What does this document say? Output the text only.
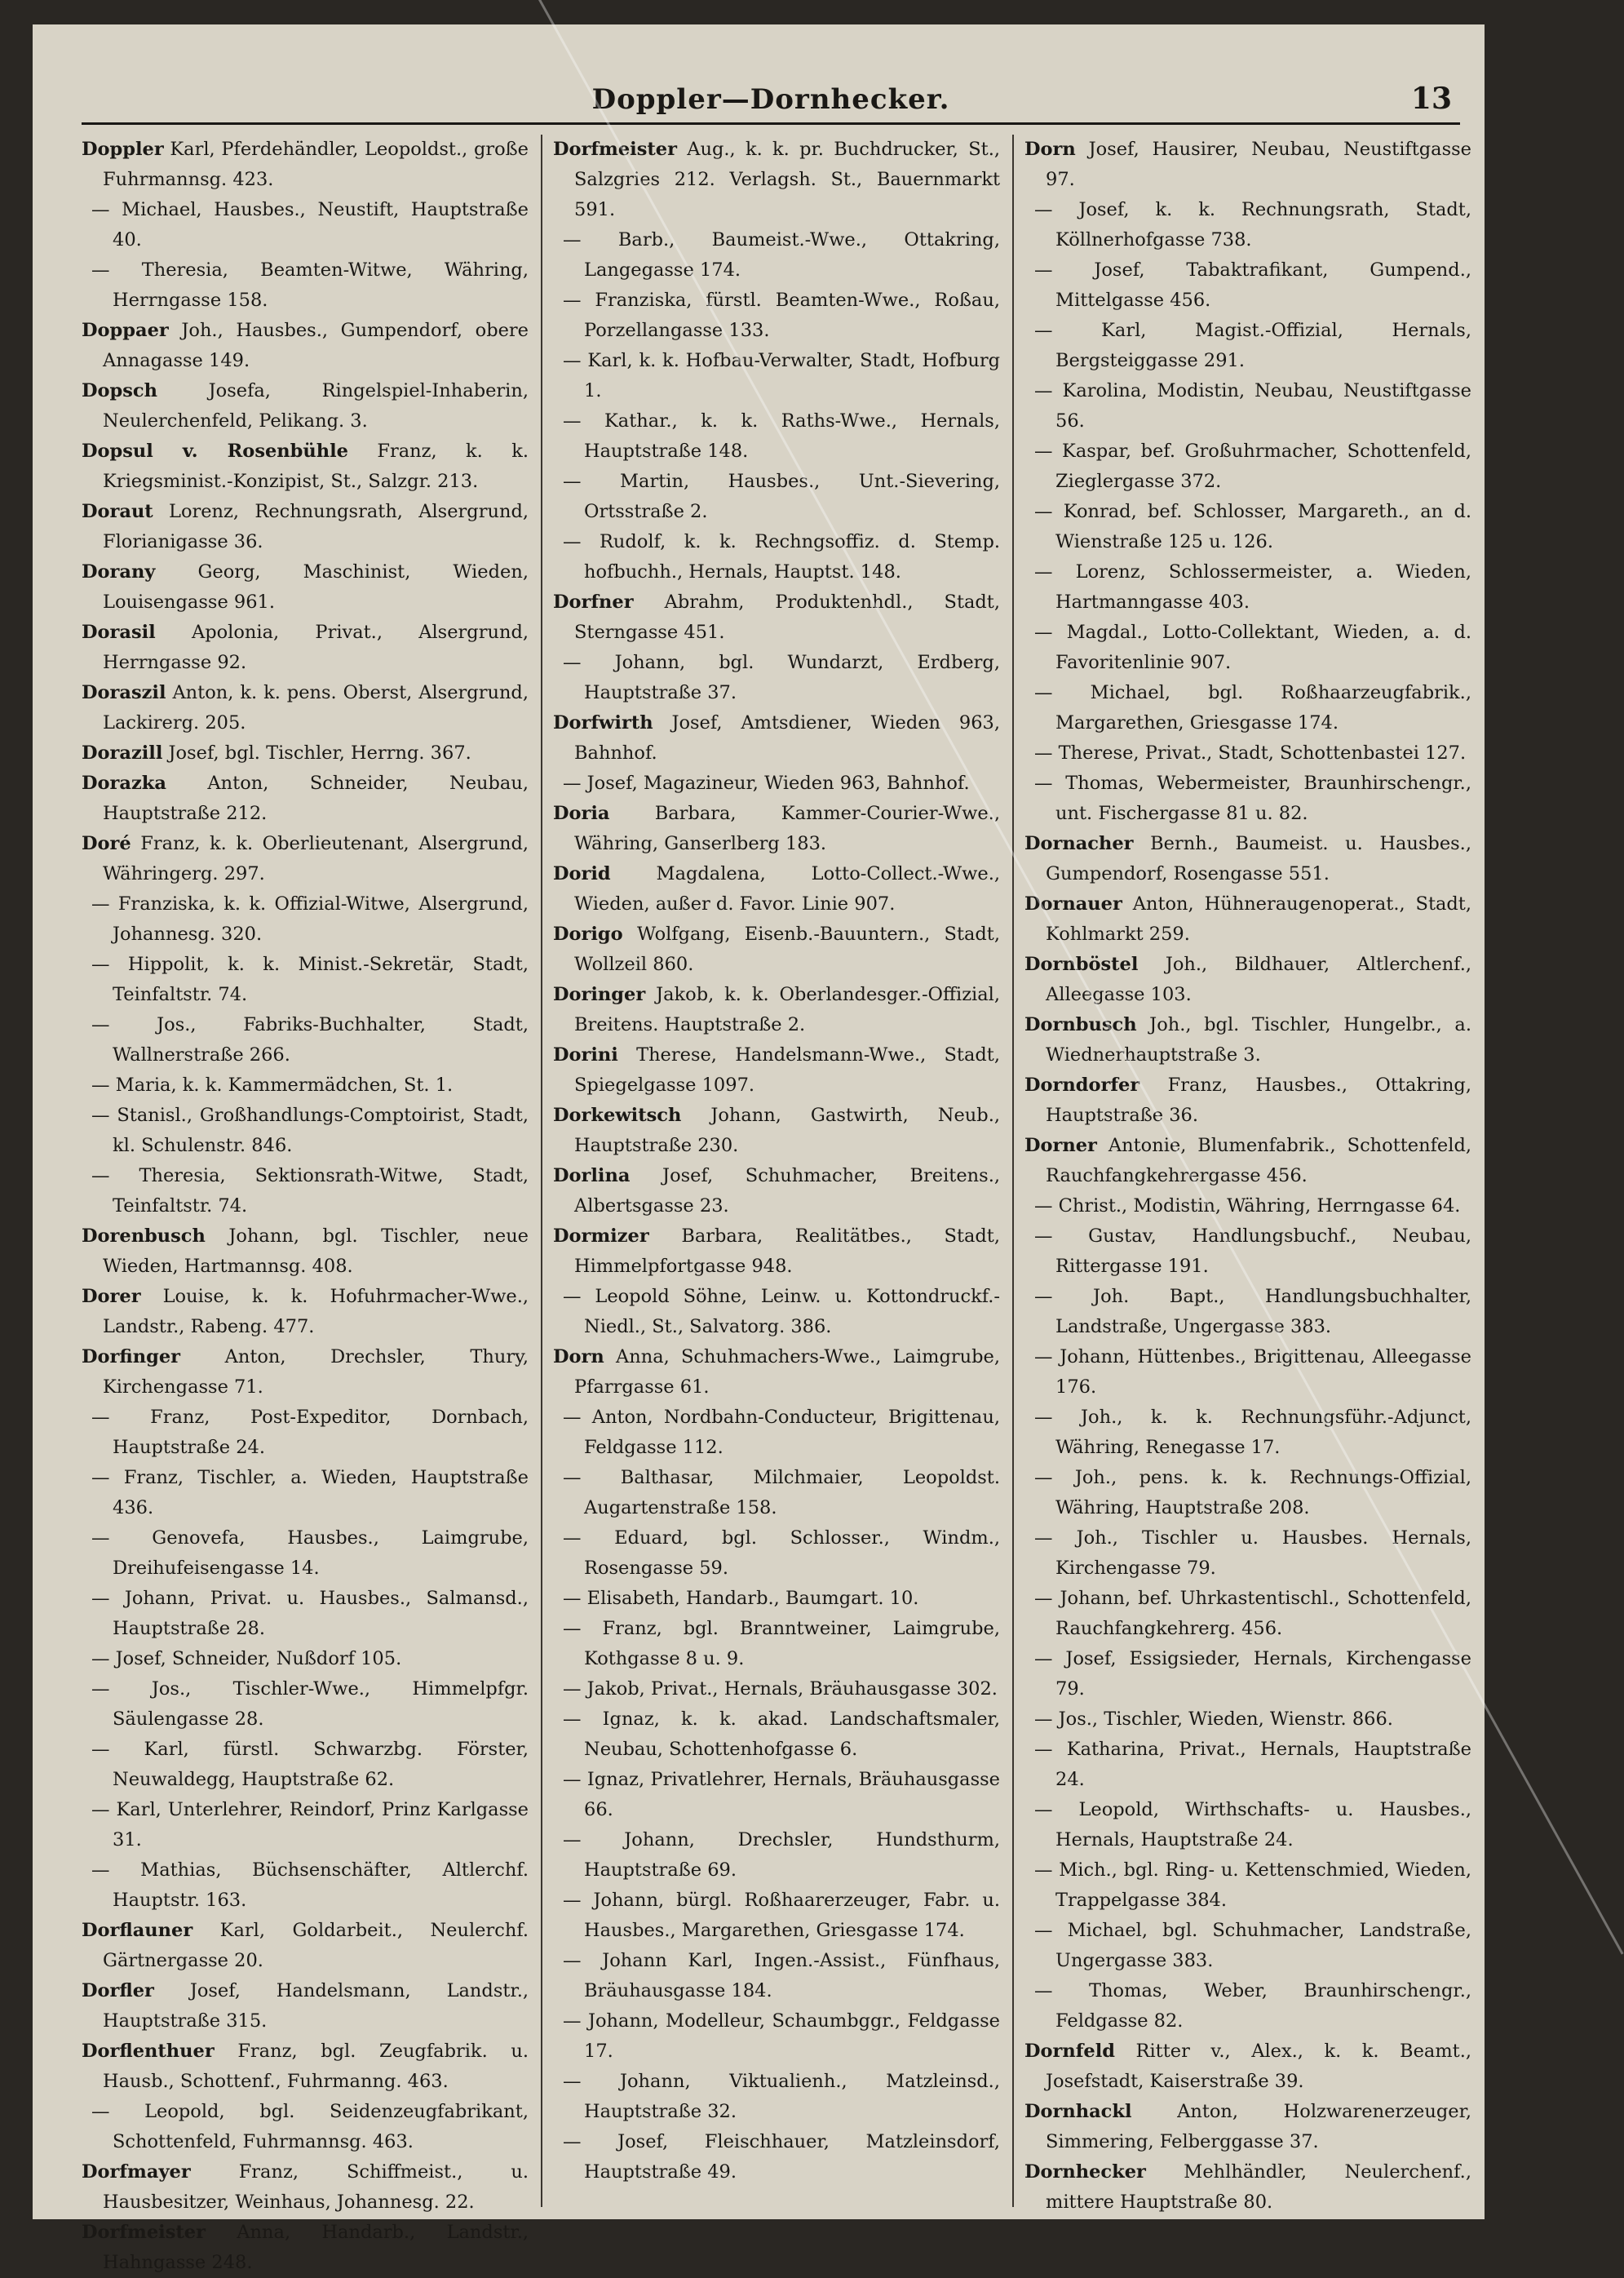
Doppler—Dornhecker.	13

Doppler Karl, Pferdehändler, Leopoldst., große Fuhrmannsg. 423.

— Michael, Hausbes., Neustift, Hauptstraße 40.

— Theresia, Beamten-Witwe, Währing, Herrngasse 158.

Doppaer Joh., Hausbes., Gumpendorf, obere Annagasse 149.

Dopsch	Josefa, Ringelspiel-Inhaberin, Neulerchenfeld, Pelikang. 3.

Dopsul v. Rosenbühle Franz, k. k. Kriegsminist.-Konzipist, St., Salzgr. 213.

Doraut Lorenz, Rechnungsrath, Alsergrund, Florianigasse 36.

Dorany Georg, Maschinist, Wieden, Louisengasse 961.

Dorasil Apolonia, Privat., Alsergrund, Herrngasse 92.

Doraszil Anton, k. k. pens. Oberst, Alsergrund, Lackirerg. 205.

Dorazill Josef, bgl. Tischler, Herrng. 367.

Dorazka Anton, Schneider, Neubau, Hauptstraße 212.

Doré Franz, k. k. Oberlieutenant, Alsergrund, Währingerg. 297.

— Franziska, k. k. Offizial-Witwe, Alsergrund, Johannesg. 320.

— Hippolit, k. k. Minist.-Sekretär, Stadt, Teinfaltstr. 74.

— Jos., Fabriks-Buchhalter, Stadt, Wallnerstraße 266.

— Maria, k. k. Kammermädchen, St. 1.

— Stanisl., Großhandlungs-Comptoirist, Stadt, kl. Schulenstr. 846.

— Theresia, Sektionsrath-Witwe, Stadt, Teinfaltstr. 74.

Dorenbusch Johann, bgl. Tischler, neue Wieden, Hartmannsg. 408.

Dorer Louise, k. k. Hofuhrmacher-Wwe., Landstr., Rabeng. 477.

Dorfinger Anton, Drechsler, Thury, Kirchengasse 71.

— Franz, Post-Expeditor, Dornbach, Hauptstraße 24.

— Franz, Tischler, a. Wieden, Hauptstraße 436.

— Genovefa, Hausbes., Laimgrube, Dreihufeisengasse 14.

— Johann, Privat. u. Hausbes., Salmansd., Hauptstraße 28.

— Josef, Schneider, Nußdorf 105.

— Jos., Tischler-Wwe., Himmelpfgr. Säulengasse 28.

— Karl, fürstl. Schwarzbg. Förster, Neuwaldegg, Hauptstraße 62.

— Karl, Unterlehrer, Reindorf, Prinz Karlgasse 31.

— Mathias, Büchsenschäfter, Altlerchf. Hauptstr. 163.

Dorflauner Karl, Goldarbeit., Neulerchf. Gärtnergasse 20.

Dorfler Josef, Handelsmann, Landstr., Hauptstraße 315.

Dorflenthuer Franz, bgl. Zeugfabrik. u. Hausb., Schottenf., Fuhrmanng. 463.

— Leopold, bgl. Seidenzeugfabrikant, Schottenfeld, Fuhrmannsg. 463.

Dorfmayer	Franz, Schiffmeist., u. Hausbesitzer, Weinhaus, Johannesg. 22.

Dorfmeister Anna, Handarb., Landstr., Hahngasse 248.

Dorfmeister Aug., k. k. pr. Buchdrucker, St., Salzgries 212. Verlagsh. St., Bauernmarkt 591.

— Barb., Baumeist.-Wwe., Ottakring, Langegasse 174.

— Franziska, fürstl. Beamten-Wwe., Roßau, Porzellangasse 133.

— Karl, k. k. Hofbau-Verwalter, Stadt, Hofburg 1.

— Kathar., k. k. Raths-Wwe., Hernals, Hauptstraße 148.

— Martin, Hausbes., Unt.-Sievering, Ortsstraße 2.

— Rudolf, k. k. Rechngsoffiz. d. Stemp. hofbuchh., Hernals, Hauptst. 148.

Dorfner Abrahm, Produktenhdl., Stadt, Sterngasse 451.

— Johann, bgl. Wundarzt, Erdberg, Hauptstraße 37.

Dorfwirth Josef, Amtsdiener, Wieden 963, Bahnhof.

— Josef, Magazineur, Wieden 963, Bahnhof.

Doria Barbara, Kammer-Courier-Wwe., Währing, Ganserlberg 183.

Dorid Magdalena, Lotto-Collect.-Wwe., Wieden, außer d. Favor. Linie 907.

Dorigo Wolfgang, Eisenb.-Bauuntern., Stadt, Wollzeil 860.

Doringer Jakob, k. k. Oberlandesger.-Offizial, Breitens. Hauptstraße 2.

Dorini Therese, Handelsmann-Wwe., Stadt, Spiegelgasse 1097.

Dorkewitsch Johann, Gastwirth, Neub., Hauptstraße 230.

Dorlina Josef, Schuhmacher, Breitens., Albertsgasse 23.

Dormizer Barbara, Realitätbes., Stadt, Himmelpfortgasse 948.

— Leopold Söhne, Leinw. u. Kottondruckf.-Niedl., St., Salvatorg. 386.

Dorn Anna, Schuhmachers-Wwe., Laimgrube, Pfarrgasse 61.

— Anton, Nordbahn-Conducteur, Brigittenau, Feldgasse 112.

— Balthasar, Milchmaier, Leopoldst. Augartenstraße 158.

— Eduard, bgl. Schlosser., Windm., Rosengasse 59.

— Elisabeth, Handarb., Baumgart. 10.

— Franz, bgl. Branntweiner, Laimgrube, Kothgasse 8 u. 9.

— Jakob, Privat., Hernals, Bräuhausgasse 302.

— Ignaz, k. k. akad. Landschaftsmaler, Neubau, Schottenhofgasse 6.

— Ignaz, Privatlehrer, Hernals, Bräuhausgasse 66.

— Johann, Drechsler, Hundsthurm, Hauptstraße 69.

— Johann, bürgl. Roßhaarerzeuger, Fabr. u. Hausbes., Margarethen, Griesgasse 174.

— Johann Karl, Ingen.-Assist., Fünfhaus, Bräuhausgasse 184.

— Johann, Modelleur, Schaumbggr., Feldgasse 17.

— Johann, Viktualienh., Matzleinsd., Hauptstraße 32.

— Josef, Fleischhauer, Matzleinsdorf, Hauptstraße 49.

Dorn Josef, Hausirer, Neubau, Neustiftgasse 97.

— Josef, k. k. Rechnungsrath, Stadt, Köllnerhofgasse 738.

— Josef, Tabaktrafikant, Gumpend., Mittelgasse 456.

— Karl, Magist.-Offizial, Hernals, Bergsteiggasse 291.

— Karolina, Modistin, Neubau, Neustiftgasse 56.

— Kaspar, bef. Großuhrmacher, Schottenfeld, Zieglergasse 372.

— Konrad, bef. Schlosser, Margareth., an d. Wienstraße 125 u. 126.

— Lorenz, Schlossermeister, a. Wieden, Hartmanngasse 403.

— Magdal., Lotto-Collektant, Wieden, a. d. Favoritenlinie 907.

— Michael, bgl. Roßhaarzeugfabrik., Margarethen, Griesgasse 174.

— Therese, Privat., Stadt, Schottenbastei 127.

— Thomas, Webermeister, Braunhirschengr., unt. Fischergasse 81 u. 82.

Dornacher Bernh., Baumeist. u. Hausbes., Gumpendorf, Rosengasse 551.

Dornauer Anton, Hühneraugenoperat., Stadt, Kohlmarkt 259.

Dornböstel Joh., Bildhauer, Altlerchenf., Alleegasse 103.

Dornbusch Joh., bgl. Tischler, Hungelbr., a. Wiednerhauptstraße 3.

Dorndorfer Franz, Hausbes., Ottakring, Hauptstraße 36.

Dorner Antonie, Blumenfabrik., Schottenfeld, Rauchfangkehrergasse 456.

— Christ., Modistin, Währing, Herrngasse 64.

— Gustav, Handlungsbuchf., Neubau, Rittergasse 191.

— Joh. Bapt., Handlungsbuchhalter, Landstraße, Ungergasse 383.

— Johann, Hüttenbes., Brigittenau, Alleegasse 176.

— Joh., k. k. Rechnungsführ.-Adjunct, Währing, Renegasse 17.

— Joh., pens. k. k. Rechnungs-Offizial, Währing, Hauptstraße 208.

— Joh., Tischler u. Hausbes. Hernals, Kirchengasse 79.

— Johann, bef. Uhrkastentischl., Schottenfeld, Rauchfangkehrerg. 456.

— Josef, Essigsieder, Hernals, Kirchengasse 79.

— Jos., Tischler, Wieden, Wienstr. 866.

— Katharina, Privat., Hernals, Hauptstraße 24.

— Leopold, Wirthschafts- u. Hausbes., Hernals, Hauptstraße 24.

— Mich., bgl. Ring- u. Kettenschmied, Wieden, Trappelgasse 384.

— Michael, bgl. Schuhmacher, Landstraße, Ungergasse 383.

— Thomas, Weber, Braunhirschengr., Feldgasse 82.

Dornfeld Ritter v., Alex., k. k. Beamt., Josefstadt, Kaiserstraße 39.

Dornhackl Anton, Holzwarenerzeuger, Simmering, Felberggasse 37.

Dornhecker Mehlhändler, Neulerchenf., mittere Hauptstraße 80.
